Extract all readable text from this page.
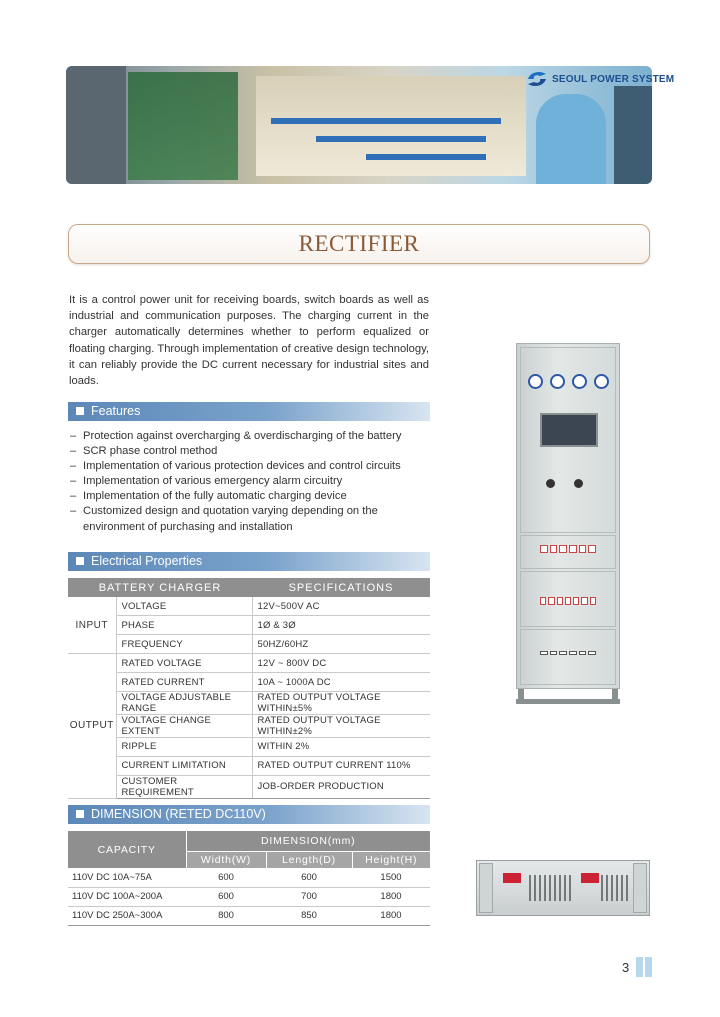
SEOUL POWER SYSTEM
RECTIFIER

It is a control power unit for receiving boards, switch boards as well as industrial and communication purposes. The charging current in the charger automatically determines whether to perform equalized or floating charging. Through implementation of creative design technology, it can reliably provide the DC current necessary for industrial sites and loads.

Features
– Protection against overcharging & overdischarging of the battery
– SCR phase control method
– Implementation of various protection devices and control circuits
– Implementation of various emergency alarm circuitry
– Implementation of the fully automatic charging device
– Customized design and quotation varying depending on the environment of purchasing and installation
Electrical Properties
BATTERY CHARGER		SPECIFICATIONS
INPUT	VOLTAGE	12V~500V AC
	PHASE	1Ø & 3Ø
	FREQUENCY	50HZ/60HZ
OUTPUT	RATED VOLTAGE	12V ~ 800V DC
	RATED CURRENT	10A ~ 1000A DC
	VOLTAGE ADJUSTABLE RANGE	RATED OUTPUT VOLTAGE WITHIN±5%
	VOLTAGE CHANGE EXTENT	RATED OUTPUT VOLTAGE WITHIN±2%
	RIPPLE	WITHIN 2%
	CURRENT LIMITATION	RATED OUTPUT CURRENT 110%
	CUSTOMER REQUIREMENT	JOB-ORDER PRODUCTION
DIMENSION (RETED DC110V)
CAPACITY	DIMENSION(mm)		
	Width(W)	Length(D)	Height(H)
110V DC 10A~75A	600	600	1500
110V DC 100A~200A	600	700	1800
110V DC 250A~300A	800	850	1800
3
